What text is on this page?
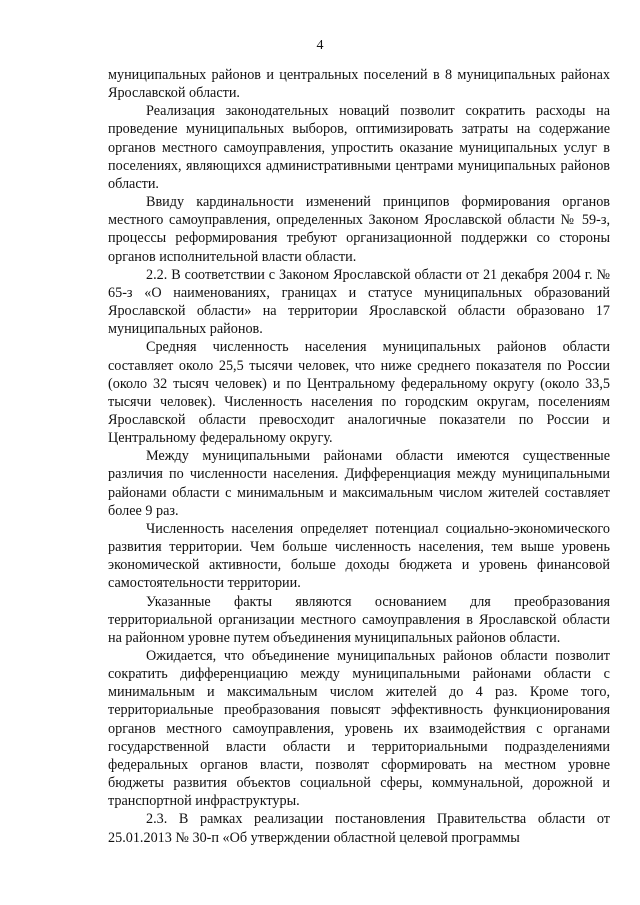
4

муниципальных районов и центральных поселений в 8 муниципальных районах Ярославской области.

Реализация законодательных новаций позволит сократить расходы на проведение муниципальных выборов, оптимизировать затраты на содержание органов местного самоуправления, упростить оказание муниципальных услуг в поселениях, являющихся административными центрами муниципальных районов области.

Ввиду кардинальности изменений принципов формирования органов местного самоуправления, определенных Законом Ярославской области № 59-з, процессы реформирования требуют организационной поддержки со стороны органов исполнительной власти области.

2.2. В соответствии с Законом Ярославской области от 21 декабря 2004 г. № 65-з «О наименованиях, границах и статусе муниципальных образований Ярославской области» на территории Ярославской области образовано 17 муниципальных районов.

Средняя численность населения муниципальных районов области составляет около 25,5 тысячи человек, что ниже среднего показателя по России (около 32 тысяч человек) и по Центральному федеральному округу (около 33,5 тысячи человек). Численность населения по городским округам, поселениям Ярославской области превосходит аналогичные показатели по России и Центральному федеральному округу.

Между муниципальными районами области имеются существенные различия по численности населения. Дифференциация между муниципальными районами области с минимальным и максимальным числом жителей составляет более 9 раз.

Численность населения определяет потенциал социально-экономического развития территории. Чем больше численность населения, тем выше уровень экономической активности, больше доходы бюджета и уровень финансовой самостоятельности территории.

Указанные факты являются основанием для преобразования территориальной организации местного самоуправления в Ярославской области на районном уровне путем объединения муниципальных районов области.

Ожидается, что объединение муниципальных районов области позволит сократить дифференциацию между муниципальными районами области с минимальным и максимальным числом жителей до 4 раз. Кроме того, территориальные преобразования повысят эффективность функционирования органов местного самоуправления, уровень их взаимодействия с органами государственной власти области и территориальными подразделениями федеральных органов власти, позволят сформировать на местном уровне бюджеты развития объектов социальной сферы, коммунальной, дорожной и транспортной инфраструктуры.

2.3. В рамках реализации постановления Правительства области от 25.01.2013 № 30-п «Об утверждении областной целевой программы
